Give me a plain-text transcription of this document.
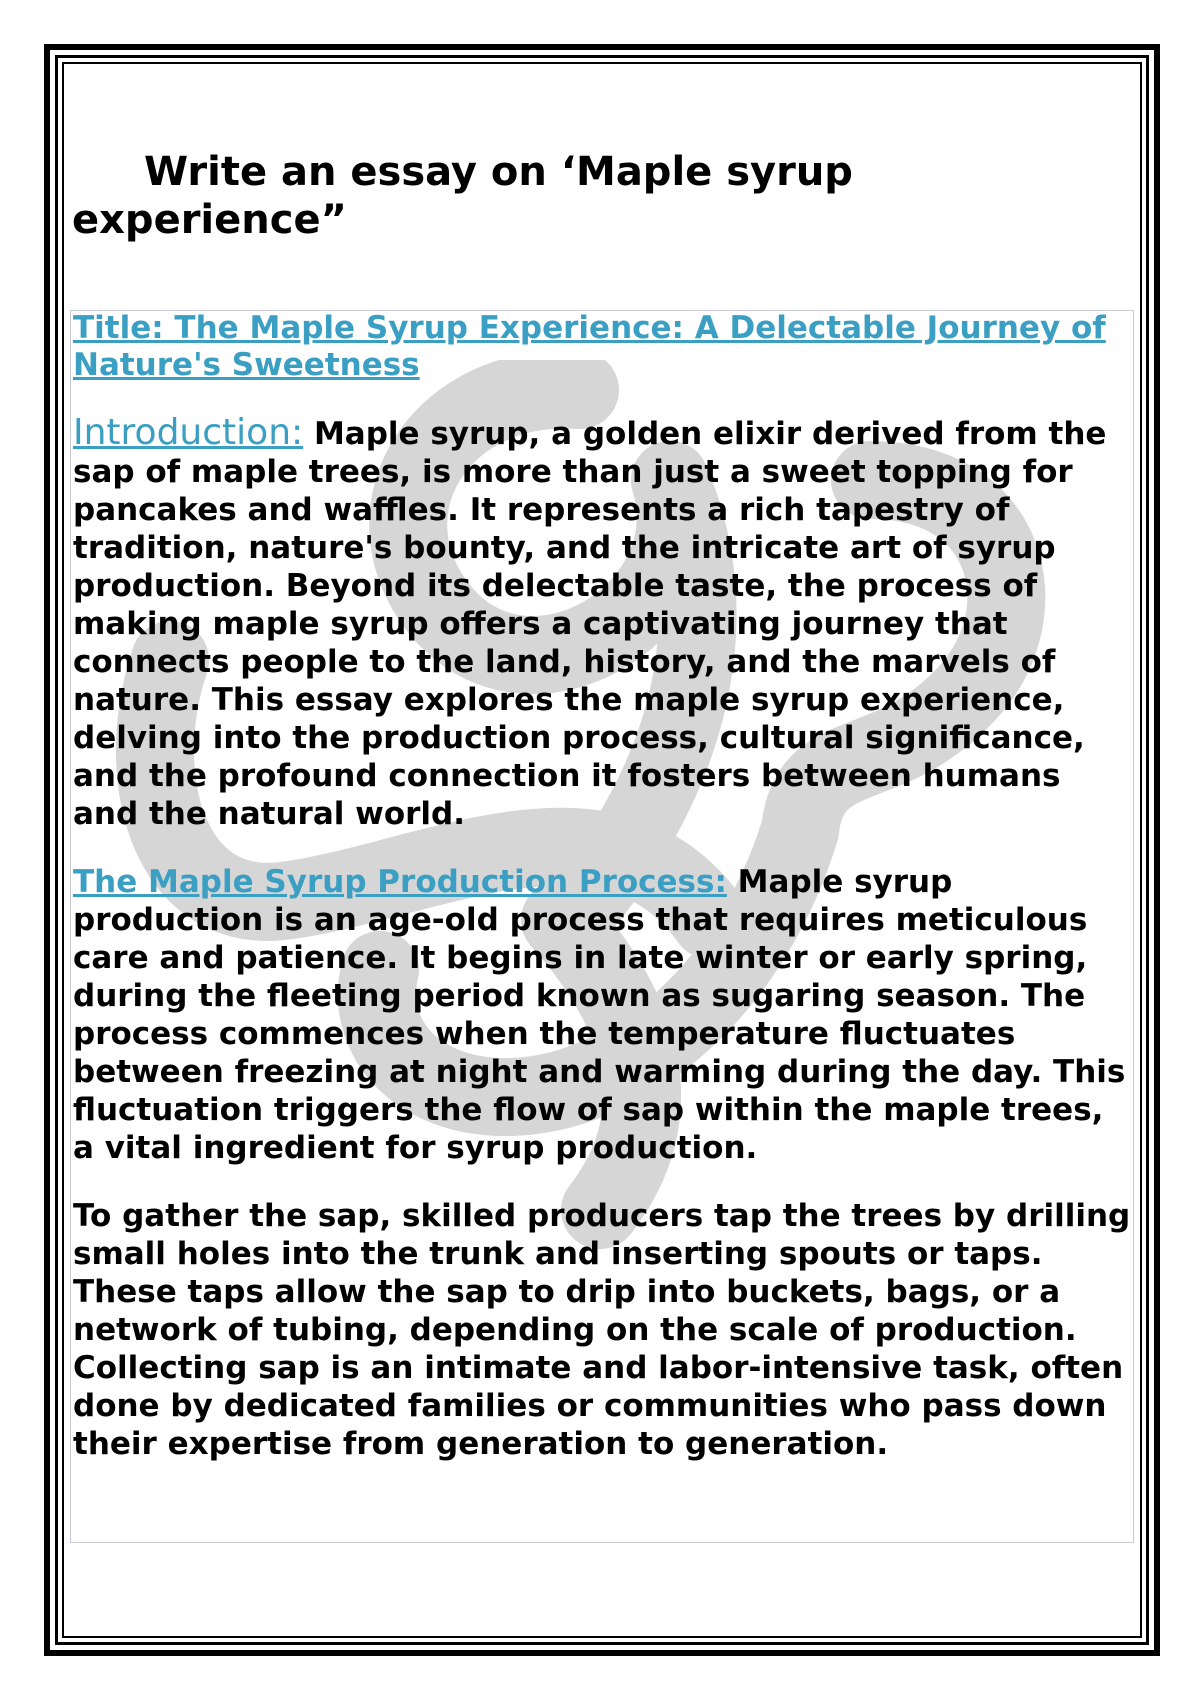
Write an essay on ‘Maple syrup
experience”

Title: The Maple Syrup Experience: A Delectable Journey of Nature's Sweetness

Introduction: Maple syrup, a golden elixir derived from the sap of maple trees, is more than just a sweet topping for pancakes and waffles. It represents a rich tapestry of tradition, nature's bounty, and the intricate art of syrup production. Beyond its delectable taste, the process of making maple syrup offers a captivating journey that connects people to the land, history, and the marvels of nature. This essay explores the maple syrup experience, delving into the production process, cultural significance, and the profound connection it fosters between humans and the natural world.

The Maple Syrup Production Process: Maple syrup production is an age-old process that requires meticulous care and patience. It begins in late winter or early spring, during the fleeting period known as sugaring season. The process commences when the temperature fluctuates between freezing at night and warming during the day. This fluctuation triggers the flow of sap within the maple trees, a vital ingredient for syrup production.

To gather the sap, skilled producers tap the trees by drilling small holes into the trunk and inserting spouts or taps. These taps allow the sap to drip into buckets, bags, or a network of tubing, depending on the scale of production. Collecting sap is an intimate and labor-intensive task, often done by dedicated families or communities who pass down their expertise from generation to generation.
